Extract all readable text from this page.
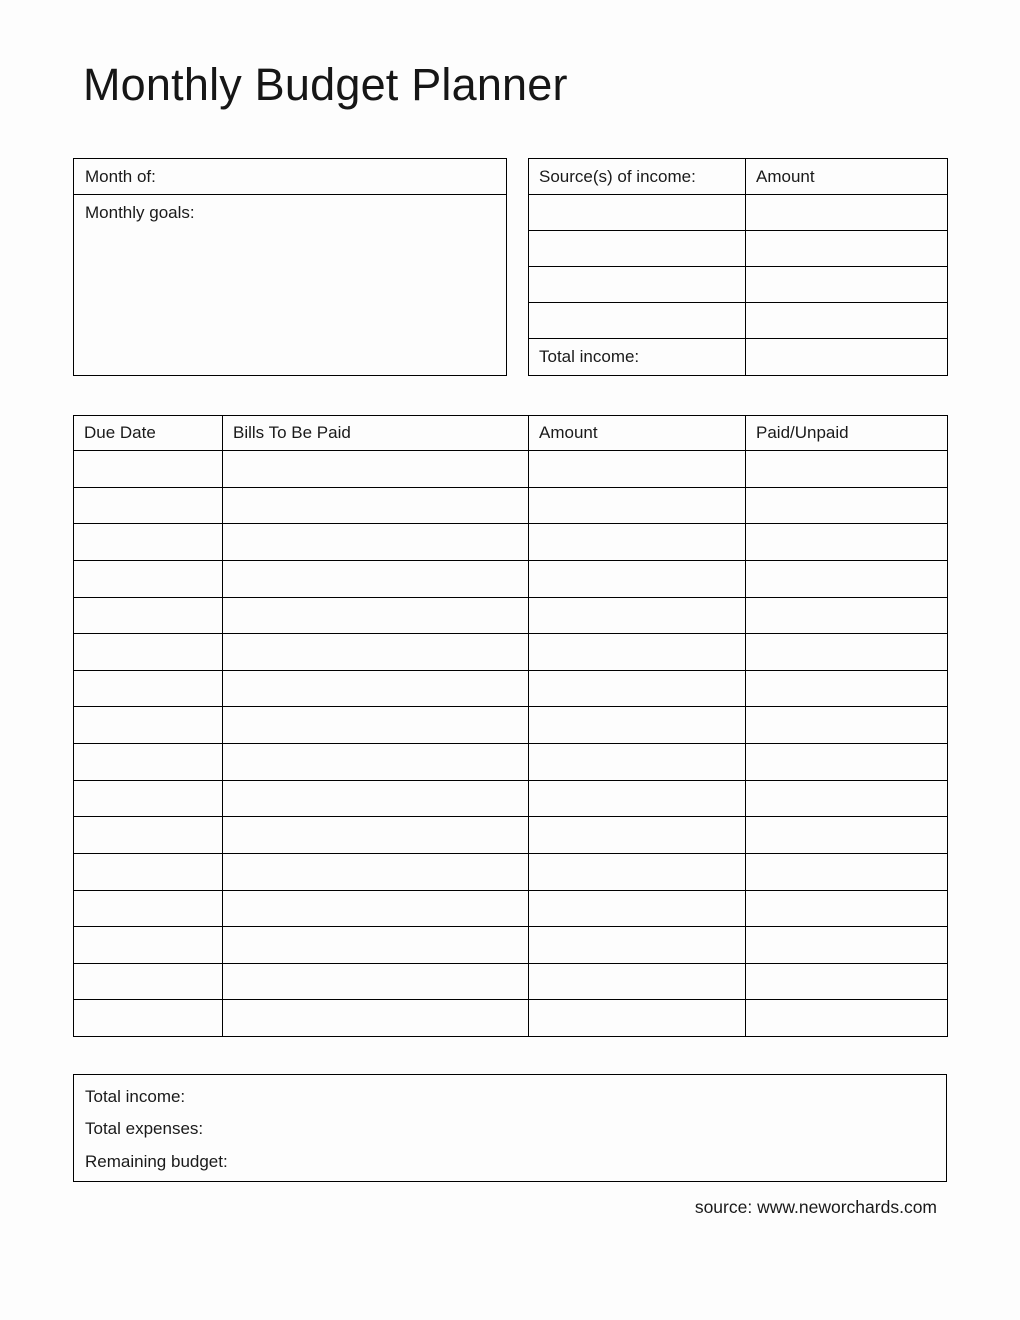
Monthly Budget Planner
Month of:
Monthly goals:
Source(s) of income:	Amount

Total income:	
Due Date	Bills To Be Paid	Amount	Paid/Unpaid

Total income:
Total expenses:
Remaining budget:
source: www.neworchards.com
